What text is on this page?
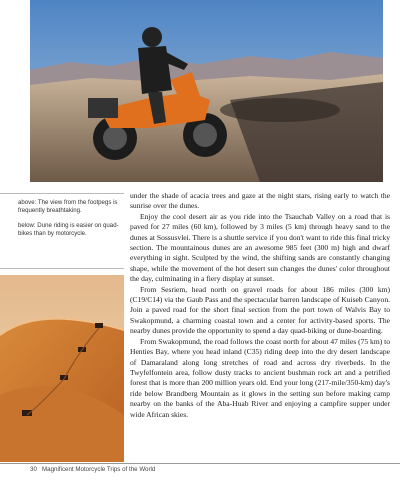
above: The view from the footpegs is frequently breathtaking.

below: Dune riding is easier on quad-bikes than by motorcycle.

under the shade of acacia trees and gaze at the night stars, rising early to watch the sunrise over the dunes.

Enjoy the cool desert air as you ride into the Tsauchab Valley on a road that is paved for 27 miles (60 km), followed by 3 miles (5 km) through heavy sand to the dunes at Sossusvlei. There is a shuttle service if you don't want to ride this final tricky section. The mountainous dunes are an awesome 985 feet (300 m) high and dwarf everything in sight. Sculpted by the wind, the shifting sands are constantly changing shape, while the movement of the hot desert sun changes the dunes' color throughout the day, culminating in a fiery display at sunset.

From Sesriem, head north on gravel roads for about 186 miles (300 km) (C19/C14) via the Gaub Pass and the spectacular barren landscape of Kuiseb Canyon. Join a paved road for the short final section from the port town of Walvis Bay to Swakopmund, a charming coastal town and a center for activity-based sports. The nearby dunes provide the opportunity to spend a day quad-biking or dune-boarding.

From Swakopmund, the road follows the coast north for about 47 miles (75 km) to Henties Bay, where you head inland (C35) riding deep into the dry desert landscape of Damaraland along long stretches of road and across dry riverbeds. In the Twyfelfontein area, follow dusty tracks to ancient bushman rock art and a petrified forest that is more than 200 million years old. End your long (217-mile/350-km) day's ride below Brandberg Mountain as it glows in the setting sun before making camp nearby on the banks of the Aba-Huab River and enjoying a campfire supper under wide African skies.

30 Magnificent Motorcycle Trips of the World
